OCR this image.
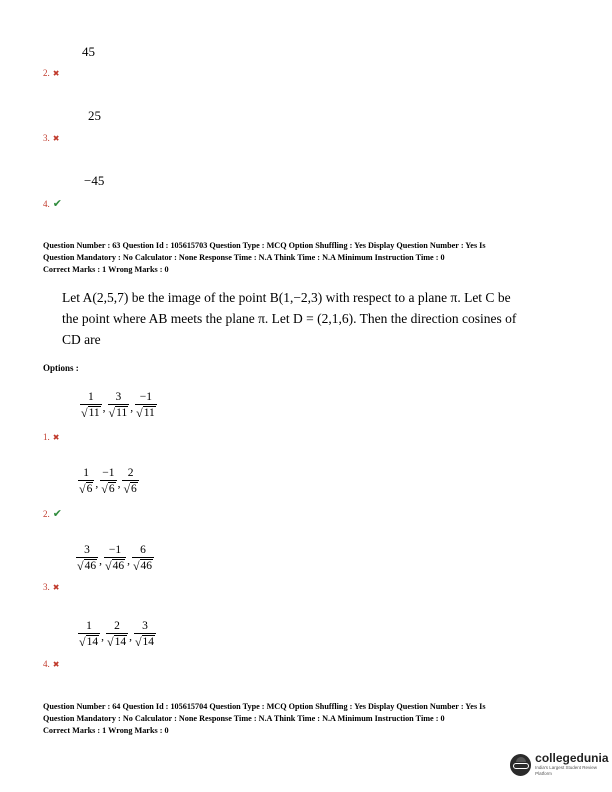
45
2. ✖
25
3. ✖
−45
4. ✔
Question Number : 63 Question Id : 105615703 Question Type : MCQ Option Shuffling : Yes Display Question Number : Yes Is
Question Mandatory : No Calculator : None Response Time : N.A Think Time : N.A Minimum Instruction Time : 0
Correct Marks : 1 Wrong Marks : 0
Let A(2,5,7) be the image of the point B(1,−2,3) with respect to a plane π. Let C be
the point where AB meets the plane π. Let D = (2,1,6). Then the direction cosines of
CD are
Options :
$\frac{1}{√ 11}$ , $\frac{3}{√ 11}$ , $\frac{-1}{√ 11}$
1. ✖
$\frac{1}{√ 6}$ , $\frac{-1}{√ 6}$ , $\frac{2}{√ 6}$
2. ✔
$\frac{3}{√ 46}$ , $\frac{-1}{√ 46}$ , $\frac{6}{√ 46}$
3. ✖
$\frac{1}{√ 14}$ , $\frac{2}{√ 14}$ , $\frac{3}{√ 14}$
4. ✖
Question Number : 64 Question Id : 105615704 Question Type : MCQ Option Shuffling : Yes Display Question Number : Yes Is
Question Mandatory : No Calculator : None Response Time : N.A Think Time : N.A Minimum Instruction Time : 0
Correct Marks : 1 Wrong Marks : 0
collegedunia
India's Largest Student Review Platform
